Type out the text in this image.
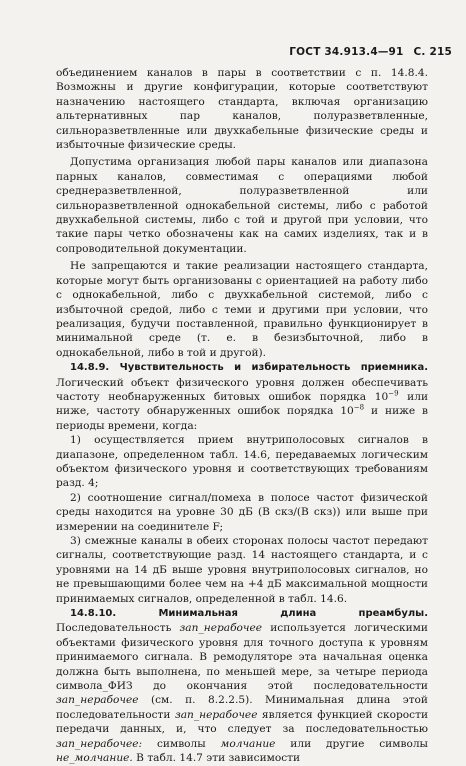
ГОСТ 34.913.4—91 С. 215

объединением каналов в пары в соответствии с п. 14.8.4. Возможны и другие конфигурации, которые соответствуют назначению настоящего стандарта, включая организацию альтернативных пар каналов, полуразветвленные, сильноразветвленные или двухкабельные физические среды и избыточные физические среды.

Допустима организация любой пары каналов или диапазона парных каналов, совместимая с операциями любой среднеразветвленной, полуразветвленной или сильноразветвленной однокабельной системы, либо с работой двухкабельной системы, либо с той и другой при условии, что такие пары четко обозначены как на самих изделиях, так и в сопроводительной документации.

Не запрещаются и такие реализации настоящего стандарта, которые могут быть организованы с ориентацией на работу либо с однокабельной, либо с двухкабельной системой, либо с избыточной средой, либо с теми и другими при условии, что реализация, будучи поставленной, правильно функционирует в минимальной среде (т. е. в безизбыточной, либо в однокабельной, либо в той и другой).

14.8.9. Чувствительность и избирательность приемника. Логический объект физического уровня должен обеспечивать частоту необнаруженных битовых ошибок порядка $10^{-9}$ или ниже, частоту обнаруженных ошибок порядка $10^{-8}$ и ниже в периоды времени, когда:

1) осуществляется прием внутриполосовых сигналов в диапазоне, определенном табл. 14.6, передаваемых логическим объектом физического уровня и соответствующих требованиям разд. 4;

2) соотношение сигнал/помеха в полосе частот физической среды находится на уровне 30 дБ (В скз/(В скз)) или выше при измерении на соединителе F;

3) смежные каналы в обеих сторонах полосы частот передают сигналы, соответствующие разд. 14 настоящего стандарта, и с уровнями на 14 дБ выше уровня внутриполосовых сигналов, но не превышающими более чем на +4 дБ максимальной мощности принимаемых сигналов, определенной в табл. 14.6.

14.8.10. Минимальная длина преамбулы. Последовательность зап_нерабочее используется логическими объектами физического уровня для точного доступа к уровням принимаемого сигнала. В ремодуляторе эта начальная оценка должна быть выполнена, по меньшей мере, за четыре периода символа_ФИЗ до окончания этой последовательности зап_нерабочее (см. п. 8.2.2.5). Минимальная длина этой последовательности зап_нерабочее является функцией скорости передачи данных, и, что следует за последовательностью зап_нерабочее: символы молчание или другие символы не_молчание. В табл. 14.7 эти зависимости
